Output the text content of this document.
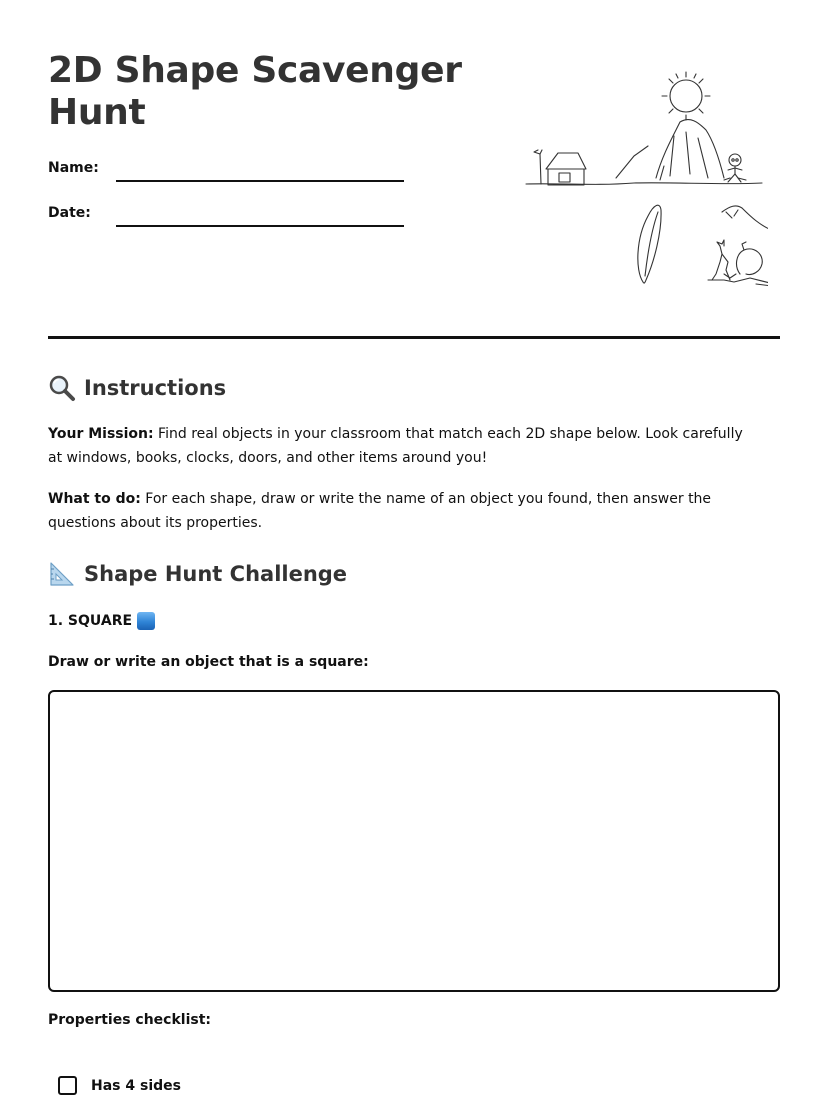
2D Shape Scavenger Hunt
Name:
Date:
Instructions

Your Mission: Find real objects in your classroom that match each 2D shape below. Look carefully at windows, books, clocks, doors, and other items around you!

What to do: For each shape, draw or write the name of an object you found, then answer the questions about its properties.

Shape Hunt Challenge
1. SQUARE
Draw or write an object that is a square:
Properties checklist:
Has 4 sides
